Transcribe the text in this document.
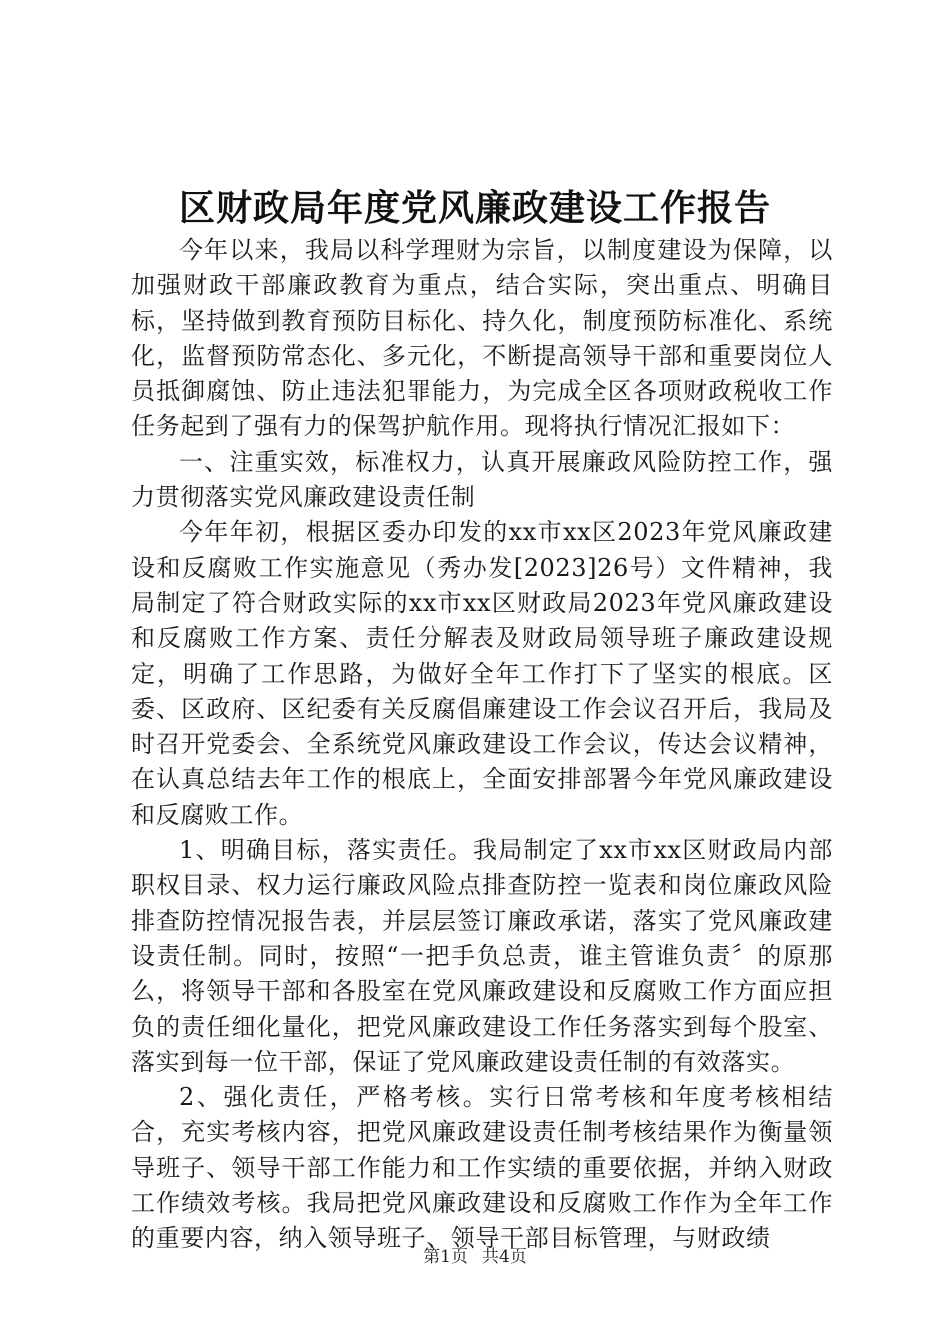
区财政局年度党风廉政建设工作报告

今年以来，我局以科学理财为宗旨，以制度建设为保障，以加强财政干部廉政教育为重点，结合实际，突出重点、明确目标，坚持做到教育预防目标化、持久化，制度预防标准化、系统化，监督预防常态化、多元化，不断提高领导干部和重要岗位人员抵御腐蚀、防止违法犯罪能力，为完成全区各项财政税收工作任务起到了强有力的保驾护航作用。现将执行情况汇报如下：

一、注重实效，标准权力，认真开展廉政风险防控工作，强力贯彻落实党风廉政建设责任制

今年年初，根据区委办印发的xx市xx区2023年党风廉政建设和反腐败工作实施意见（秀办发[2023]26号）文件精神，我局制定了符合财政实际的xx市xx区财政局2023年党风廉政建设和反腐败工作方案、责任分解表及财政局领导班子廉政建设规定，明确了工作思路，为做好全年工作打下了坚实的根底。区委、区政府、区纪委有关反腐倡廉建设工作会议召开后，我局及时召开党委会、全系统党风廉政建设工作会议，传达会议精神，在认真总结去年工作的根底上，全面安排部署今年党风廉政建设和反腐败工作。

1、明确目标，落实责任。我局制定了xx市xx区财政局内部职权目录、权力运行廉政风险点排查防控一览表和岗位廉政风险排查防控情况报告表，并层层签订廉政承诺，落实了党风廉政建设责任制。同时，按照“一把手负总责，谁主管谁负责〞的原那么，将领导干部和各股室在党风廉政建设和反腐败工作方面应担负的责任细化量化，把党风廉政建设工作任务落实到每个股室、落实到每一位干部，保证了党风廉政建设责任制的有效落实。

2、强化责任，严格考核。实行日常考核和年度考核相结合，充实考核内容，把党风廉政建设责任制考核结果作为衡量领导班子、领导干部工作能力和工作实绩的重要依据，并纳入财政工作绩效考核。我局把党风廉政建设和反腐败工作作为全年工作的重要内容，纳入领导班子、领导干部目标管理，与财政绩

第1页 共4页
